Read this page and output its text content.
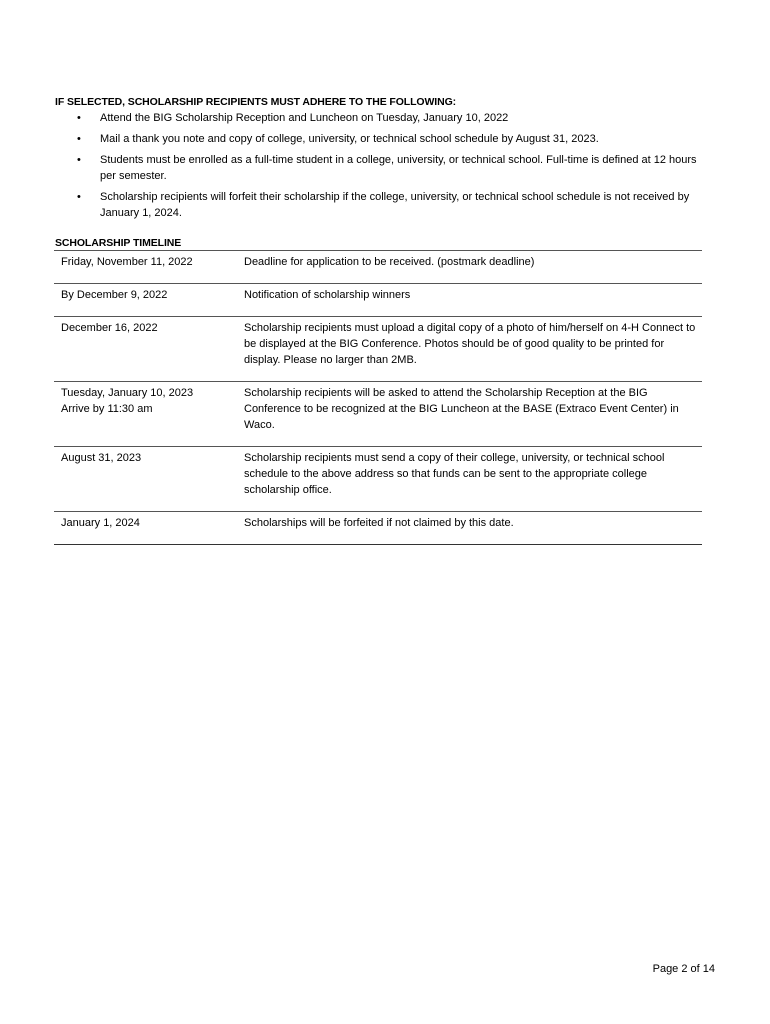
IF SELECTED, SCHOLARSHIP RECIPIENTS MUST ADHERE TO THE FOLLOWING:
• Attend the BIG Scholarship Reception and Luncheon on Tuesday, January 10, 2022
• Mail a thank you note and copy of college, university, or technical school schedule by August 31, 2023.
• Students must be enrolled as a full-time student in a college, university, or technical school. Full-time is defined at 12 hours per semester.
• Scholarship recipients will forfeit their scholarship if the college, university, or technical school schedule is not received by January 1, 2024.
SCHOLARSHIP TIMELINE
Friday, November 11, 2022	Deadline for application to be received. (postmark deadline)

By December 9, 2022	Notification of scholarship winners

December 16, 2022	Scholarship recipients must upload a digital copy of a photo of him/herself on 4-H Connect to be displayed at the BIG Conference. Photos should be of good quality to be printed for display. Please no larger than 2MB.

Tuesday, January 10, 2023
Arrive by 11:30 am	Scholarship recipients will be asked to attend the Scholarship Reception at the BIG Conference to be recognized at the BIG Luncheon at the BASE (Extraco Event Center) in Waco.

August 31, 2023	Scholarship recipients must send a copy of their college, university, or technical school schedule to the above address so that funds can be sent to the appropriate college scholarship office.

January 1, 2024	Scholarships will be forfeited if not claimed by this date.
Page 2 of 14
